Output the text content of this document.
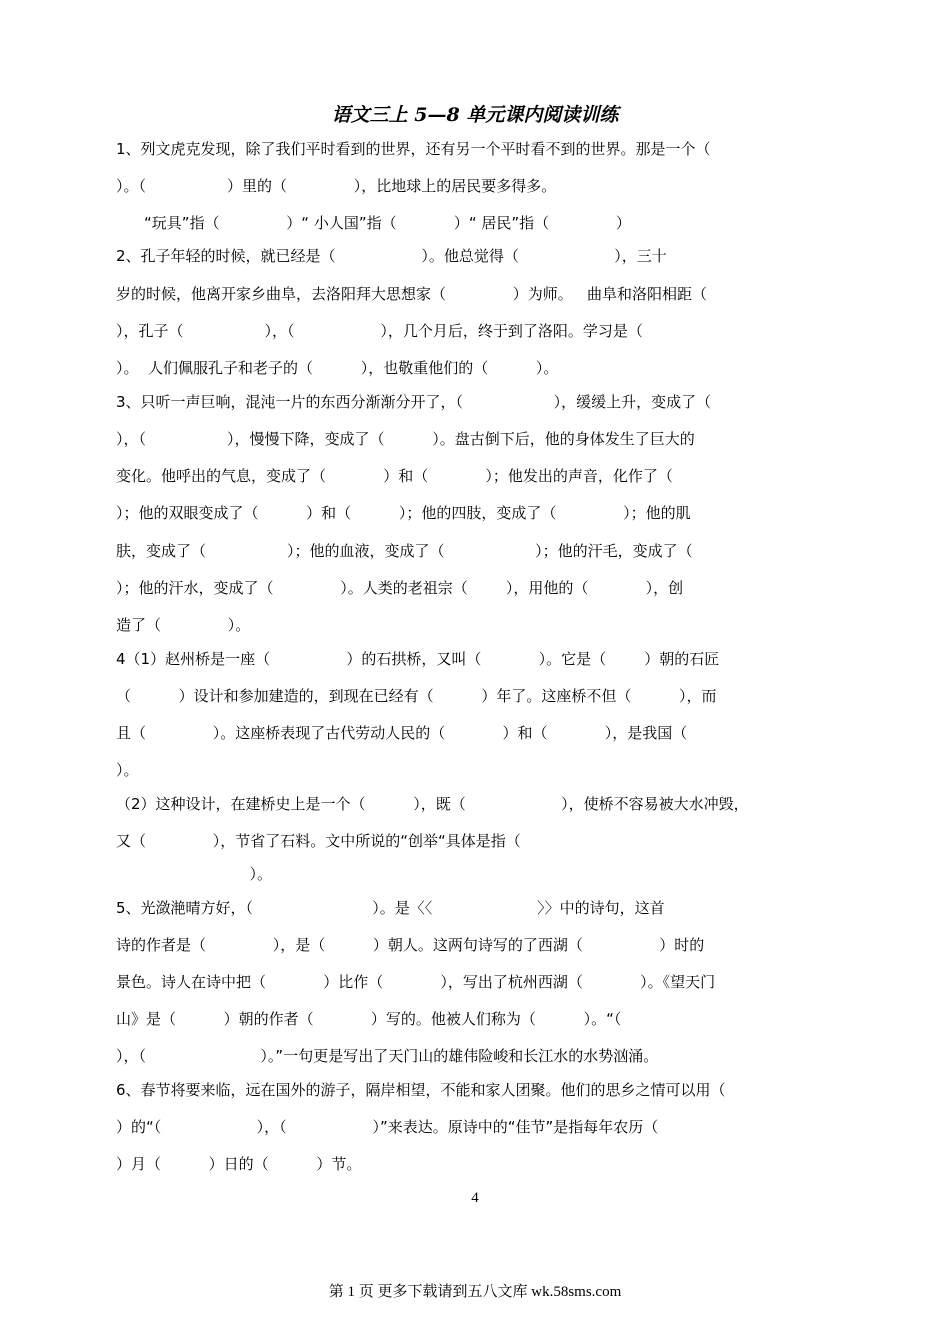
语文三上 5—8 单元课内阅读训练
1、列文虎克发现，除了我们平时看到的世界，还有另一个平时看不到的世界。那是一个（
）。（                 ）里的（              ），比地球上的居民要多得多。
“玩具”指（              ）“ 小人国”指（            ）“ 居民”指（              ）
2、孔子年轻的时候，就已经是（                  ）。他总觉得（                    ），三十
岁的时候，他离开家乡曲阜，去洛阳拜大思想家（              ）为师。   曲阜和洛阳相距（
），孔子（                 ），（                  ），几个月后，终于到了洛阳。学习是（
）。  人们佩服孔子和老子的（          ），也敬重他们的（          ）。
3、只听一声巨响，混沌一片的东西分渐渐分开了，（                   ），缓缓上升，变成了（
），（                 ），慢慢下降，变成了（          ）。盘古倒下后，他的身体发生了巨大的
变化。他呼出的气息，变成了（            ）和（            ）；他发出的声音，化作了（
）；他的双眼变成了（          ）和（          ）；他的四肢，变成了（              ）；他的肌
肤，变成了（                 ）；他的血液，变成了（                   ）；他的汗毛，变成了（
）；他的汗水，变成了（              ）。人类的老祖宗（        ），用他的（            ），创
造了（              ）。
4（1）赵州桥是一座（                ）的石拱桥，又叫（            ）。它是（        ）朝的石匠
（          ）设计和参加建造的，到现在已经有（          ）年了。这座桥不但（          ），而
且（              ）。这座桥表现了古代劳动人民的（            ）和（            ），是我国（
）。
（2）这种设计，在建桥史上是一个（          ），既（                    ），使桥不容易被大水冲毁，
又（              ），节省了石料。文中所说的“创举“具体是指（
）。
5、光潋滟晴方好，（                         ）。是〈〈                      〉〉中的诗句，这首
诗的作者是（              ），是（          ）朝人。这两句诗写的了西湖（                ）时的
景色。诗人在诗中把（            ）比作（            ），写出了杭州西湖（            ）。《望天门
山》是（          ）朝的作者（            ）写的。他被人们称为（          ）。“（
），（                        ）。”一句更是写出了天门山的雄伟险峻和长江水的水势汹涌。
6、春节将要来临，远在国外的游子，隔岸相望，不能和家人团聚。他们的思乡之情可以用（
）的“（                    ），（                  ）”来表达。原诗中的“佳节”是指每年农历（
）月（          ）日的（          ）节。
4
第 1 页 更多下载请到五八文库 wk.58sms.com
